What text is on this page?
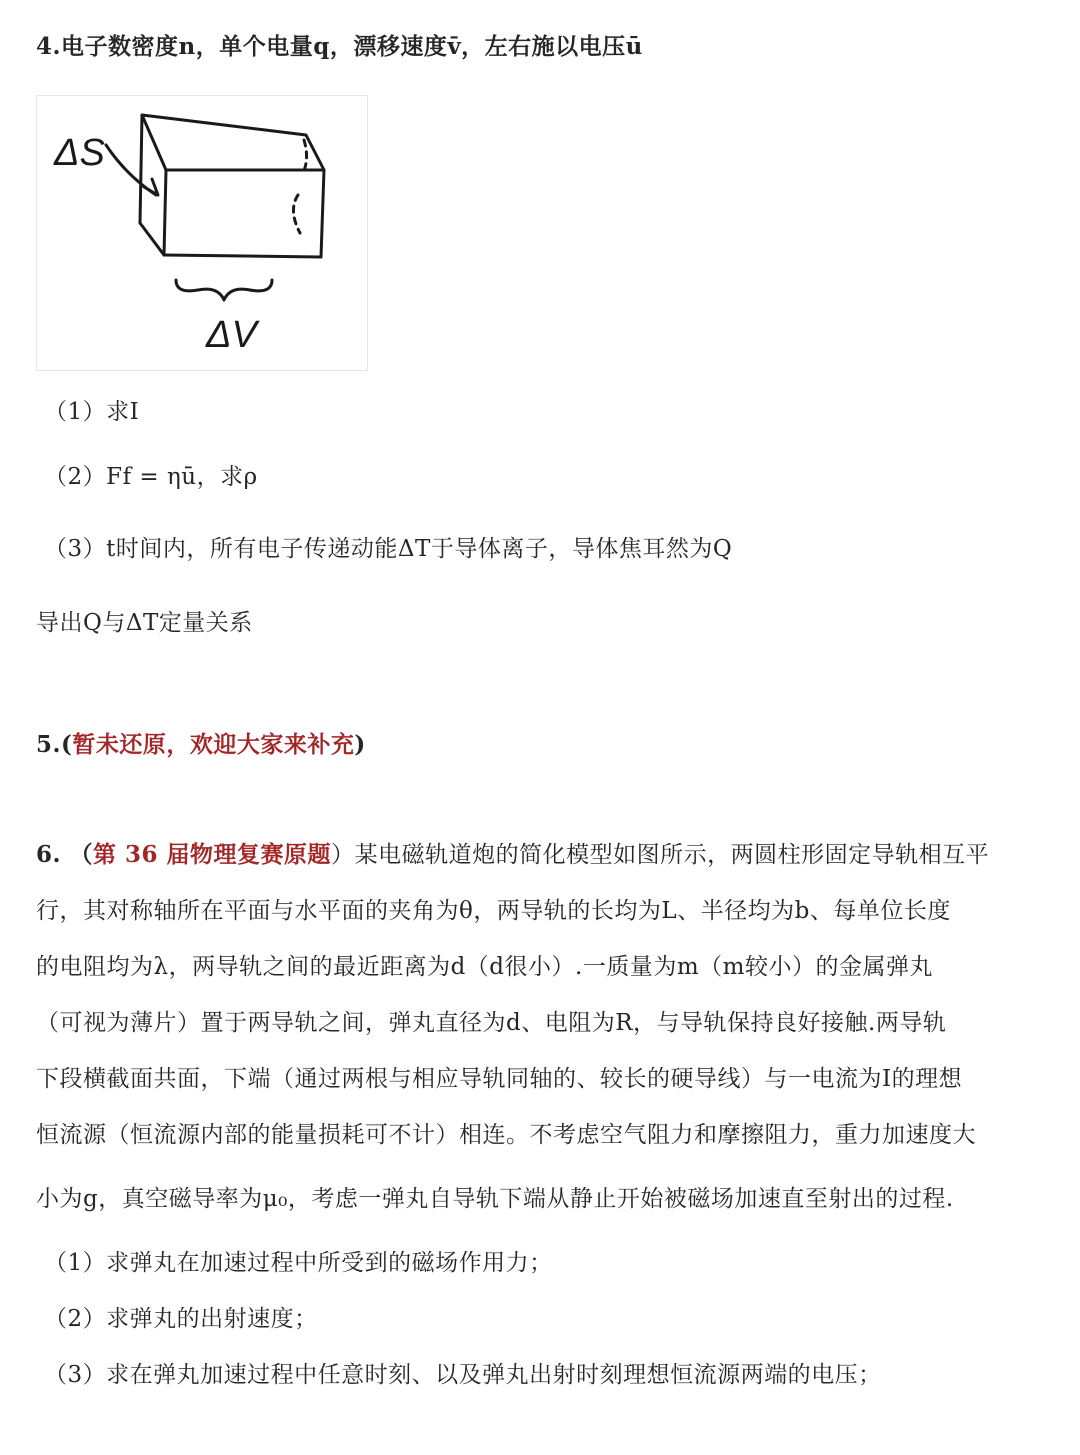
4.电子数密度n，单个电量q，漂移速度v̄，左右施以电压ū
ΔS
ΔV
（1）求I
（2）Ff = ηū，求ρ
（3）t时间内，所有电子传递动能ΔT于导体离子，导体焦耳然为Q
导出Q与ΔT定量关系
5.(暂未还原，欢迎大家来补充)
6. （第 36 届物理复赛原题）某电磁轨道炮的简化模型如图所示，两圆柱形固定导轨相互平
行，其对称轴所在平面与水平面的夹角为θ，两导轨的长均为L、半径均为b、每单位长度
的电阻均为λ，两导轨之间的最近距离为d（d很小）.一质量为m（m较小）的金属弹丸
（可视为薄片）置于两导轨之间，弹丸直径为d、电阻为R，与导轨保持良好接触.两导轨
下段横截面共面，下端（通过两根与相应导轨同轴的、较长的硬导线）与一电流为I的理想
恒流源（恒流源内部的能量损耗可不计）相连。不考虑空气阻力和摩擦阻力，重力加速度大
小为g，真空磁导率为μ₀，考虑一弹丸自导轨下端从静止开始被磁场加速直至射出的过程.
（1）求弹丸在加速过程中所受到的磁场作用力；
（2）求弹丸的出射速度；
（3）求在弹丸加速过程中任意时刻、以及弹丸出射时刻理想恒流源两端的电压；
